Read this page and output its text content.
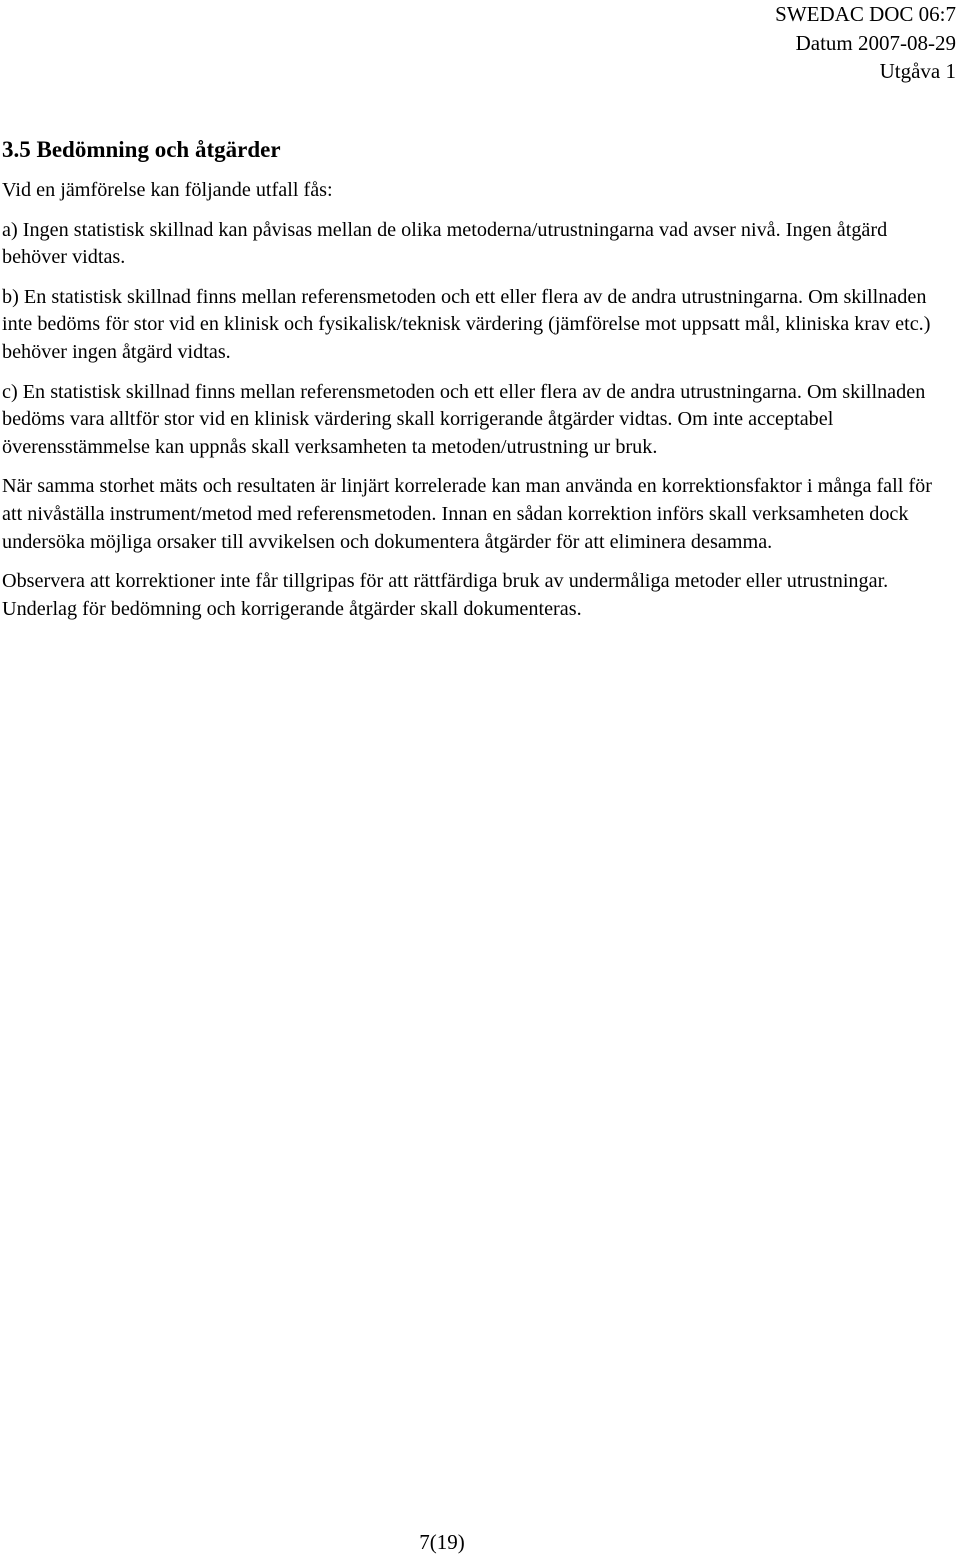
SWEDAC DOC 06:7
Datum 2007-08-29
Utgåva 1
3.5 Bedömning och åtgärder

Vid en jämförelse kan följande utfall fås:

a) Ingen statistisk skillnad kan påvisas mellan de olika metoderna/utrustningarna vad avser nivå. Ingen åtgärd behöver vidtas.

b) En statistisk skillnad finns mellan referensmetoden och ett eller flera av de andra utrustningarna. Om skillnaden inte bedöms för stor vid en klinisk och fysikalisk/teknisk värdering (jämförelse mot uppsatt mål, kliniska krav etc.) behöver ingen åtgärd vidtas.

c) En statistisk skillnad finns mellan referensmetoden och ett eller flera av de andra utrustningarna. Om skillnaden bedöms vara alltför stor vid en klinisk värdering skall korrigerande åtgärder vidtas. Om inte acceptabel överensstämmelse kan uppnås skall verksamheten ta metoden/utrustning ur bruk.

När samma storhet mäts och resultaten är linjärt korrelerade kan man använda en korrektionsfaktor i många fall för att nivåställa instrument/metod med referensmetoden. Innan en sådan korrektion införs skall verksamheten dock undersöka möjliga orsaker till avvikelsen och dokumentera åtgärder för att eliminera desamma.

Observera att korrektioner inte får tillgripas för att rättfärdiga bruk av undermåliga metoder eller utrustningar. Underlag för bedömning och korrigerande åtgärder skall dokumenteras.

7(19)
